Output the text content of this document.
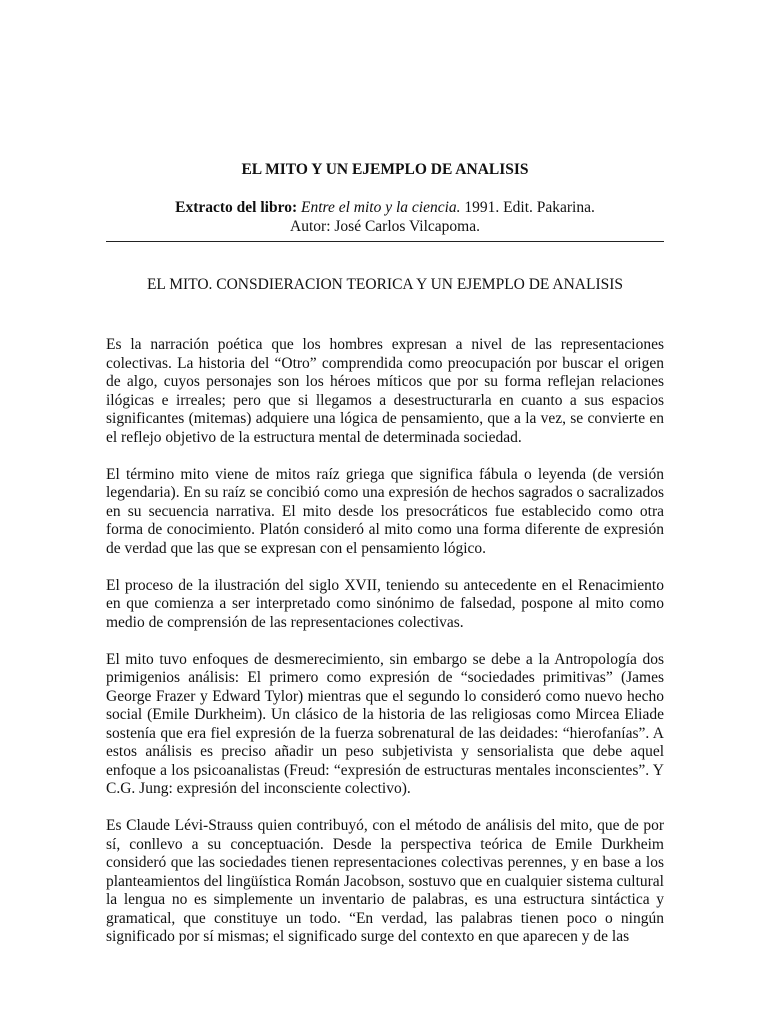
EL MITO Y UN EJEMPLO DE ANALISIS
Extracto del libro: Entre el mito y la ciencia. 1991. Edit. Pakarina.
Autor: José Carlos Vilcapoma.
EL MITO. CONSDIERACION TEORICA Y UN EJEMPLO DE ANALISIS

Es la narración poética que los hombres expresan a nivel de las representaciones colectivas. La historia del “Otro” comprendida como preocupación por buscar el origen de algo, cuyos personajes son los héroes míticos que por su forma reflejan relaciones ilógicas e irreales; pero que si llegamos a desestructurarla en cuanto a sus espacios significantes (mitemas) adquiere una lógica de pensamiento, que a la vez, se convierte en el reflejo objetivo de la estructura mental de determinada sociedad.

El término mito viene de mitos raíz griega que significa fábula o leyenda (de versión legendaria). En su raíz se concibió como una expresión de hechos sagrados o sacralizados en su secuencia narrativa. El mito desde los presocráticos fue establecido como otra forma de conocimiento. Platón consideró al mito como una forma diferente de expresión de verdad que las que se expresan con el pensamiento lógico.

El proceso de la ilustración del siglo XVII, teniendo su antecedente en el Renacimiento en que comienza a ser interpretado como sinónimo de falsedad, pospone al mito como medio de comprensión de las representaciones colectivas.

El mito tuvo enfoques de desmerecimiento, sin embargo se debe a la Antropología dos primigenios análisis: El primero como expresión de “sociedades primitivas” (James George Frazer y Edward Tylor) mientras que el segundo lo consideró como nuevo hecho social (Emile Durkheim). Un clásico de la historia de las religiosas como Mircea Eliade sostenía que era fiel expresión de la fuerza sobrenatural de las deidades: “hierofanías”. A estos análisis es preciso añadir un peso subjetivista y sensorialista que debe aquel enfoque a los psicoanalistas (Freud: “expresión de estructuras mentales inconscientes”. Y C.G. Jung: expresión del inconsciente colectivo).

Es Claude Lévi-Strauss quien contribuyó, con el método de análisis del mito, que de por sí, conllevo a su conceptuación. Desde la perspectiva teórica de Emile Durkheim consideró que las sociedades tienen representaciones colectivas perennes, y en base a los planteamientos del lingüística Román Jacobson, sostuvo que en cualquier sistema cultural la lengua no es simplemente un inventario de palabras, es una estructura sintáctica y gramatical, que constituye un todo. “En verdad, las palabras tienen poco o ningún significado por sí mismas; el significado surge del contexto en que aparecen y de las
